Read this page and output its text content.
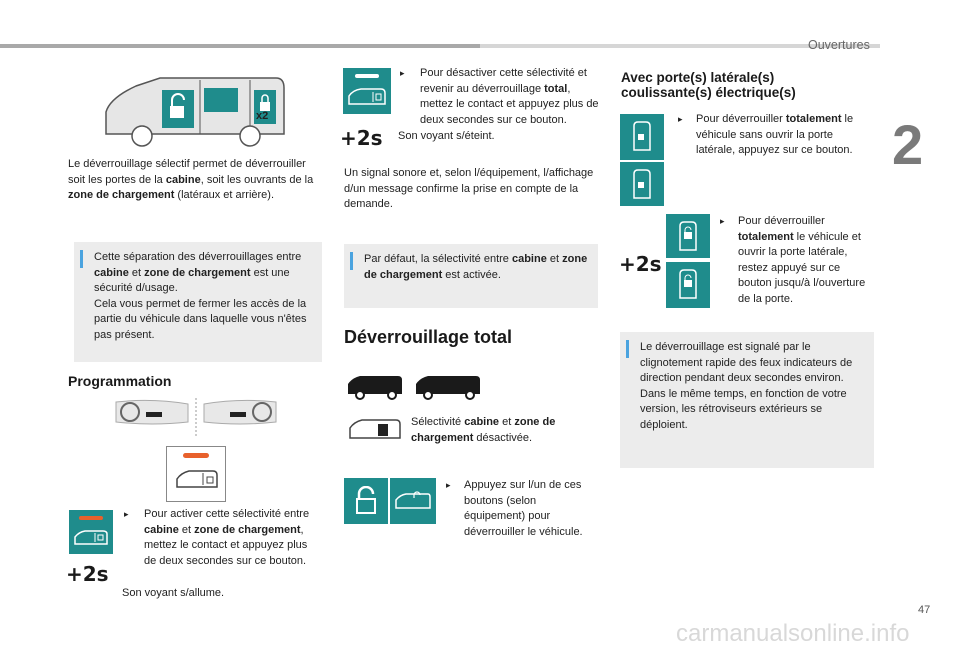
Ouvertures
2
47
carmanualsonline.info
x2
Le déverrouillage sélectif permet de déverrouiller soit les portes de la cabine, soit les ouvrants de la zone de chargement (latéraux et arrière).
Cette séparation des déverrouillages entre cabine et zone de chargement est une sécurité d/usage.
Cela vous permet de fermer les accès de la partie du véhicule dans laquelle vous n'êtes pas présent.
Programmation
+2s
▸	Pour activer cette sélectivité entre cabine et zone de chargement, mettez le contact et appuyez plus de deux secondes sur ce bouton.
Son voyant s/allume.
+2s
▸	Pour désactiver cette sélectivité et revenir au déverrouillage total, mettez le contact et appuyez plus de deux secondes sur ce bouton.
Son voyant s/éteint.
Un signal sonore et, selon l/équipement, l/affichage d/un message confirme la prise en compte de la demande.
Par défaut, la sélectivité entre cabine et zone de chargement est activée.
Déverrouillage total
Sélectivité cabine et zone de chargement désactivée.
▸	Appuyez sur l/un de ces boutons (selon équipement) pour déverrouiller le véhicule.
Avec porte(s) latérale(s) coulissante(s) électrique(s)
▸	Pour déverrouiller totalement le véhicule sans ouvrir la porte latérale, appuyez sur ce bouton.
+2s
▸	Pour déverrouiller totalement le véhicule et ouvrir la porte latérale, restez appuyé sur ce bouton jusqu/à l/ouverture de la porte.
Le déverrouillage est signalé par le clignotement rapide des feux indicateurs de direction pendant deux secondes environ.
Dans le même temps, en fonction de votre version, les rétroviseurs extérieurs se déploient.
